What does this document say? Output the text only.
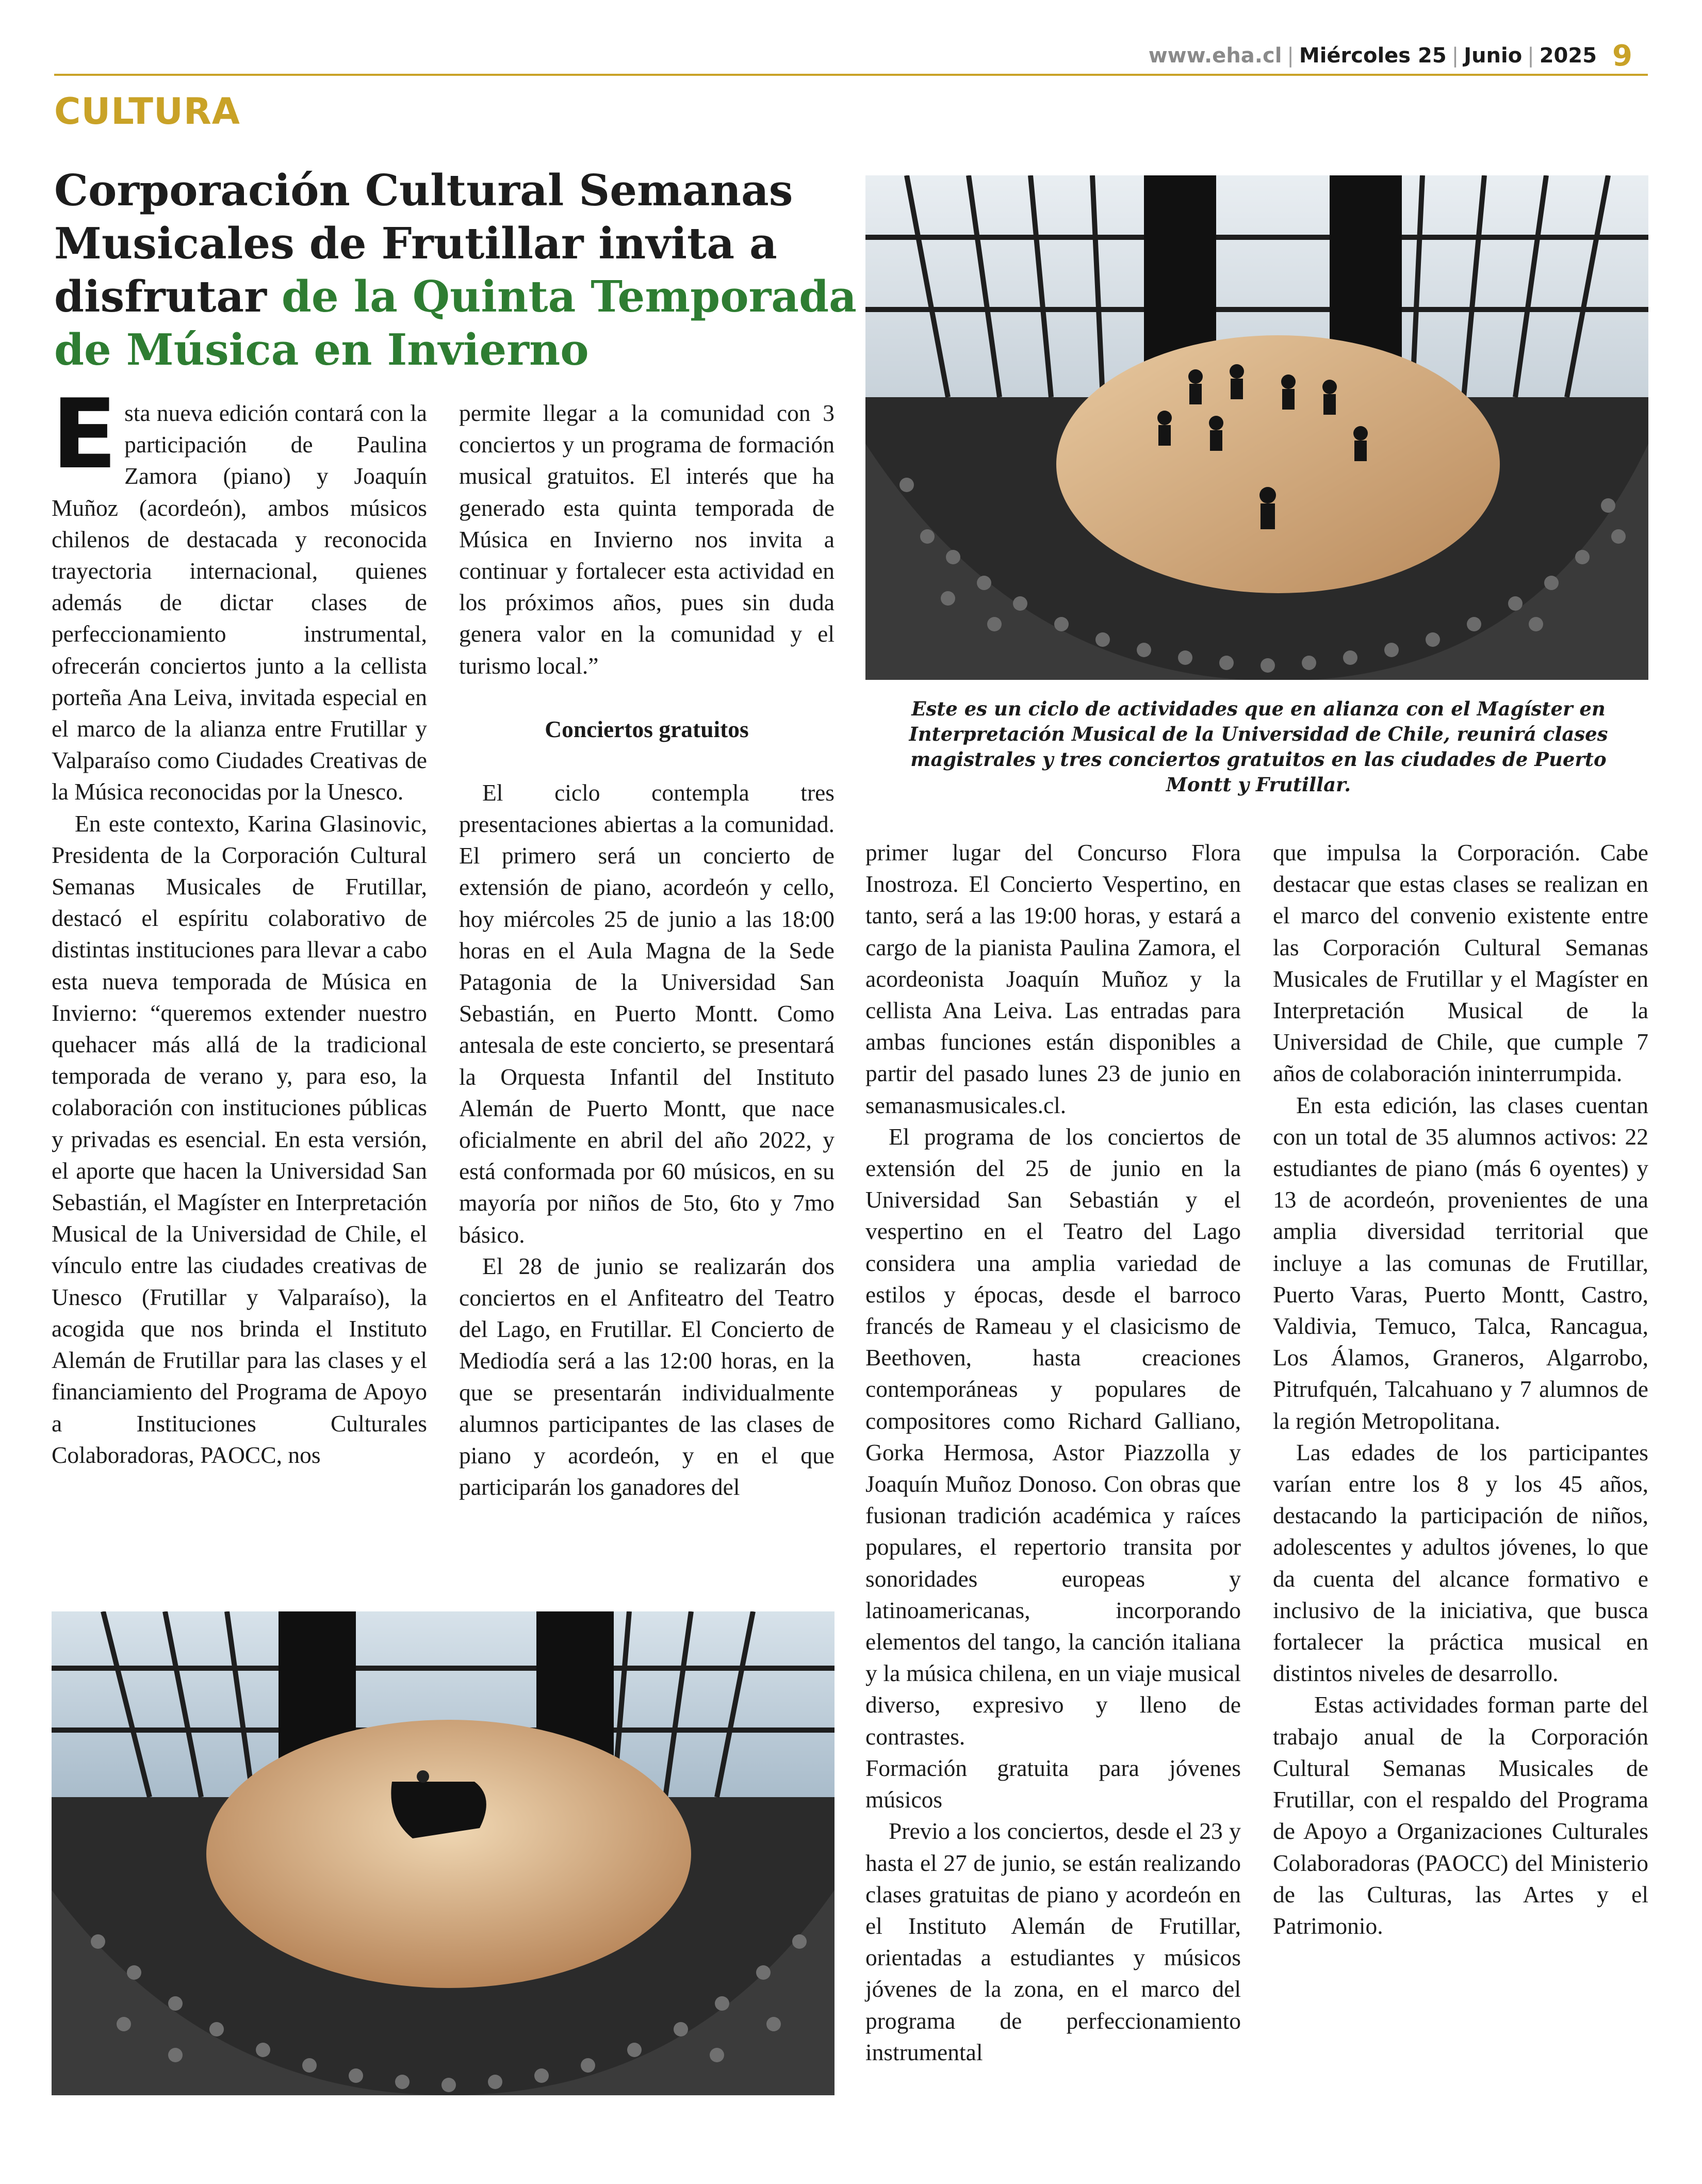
www.eha.cl | Miércoles 25 | Junio | 2025 9
CULTURA
Corporación Cultural Semanas Musicales de Frutillar invita a disfrutar de la Quinta Temporada de Música en Invierno

Este es un ciclo de actividades que en alianza con el Magíster en Interpretación Musical de la Universidad de Chile, reunirá clases magistrales y tres conciertos gratuitos en las ciudades de Puerto Montt y Frutillar.

Esta nueva edición contará con la participación de Paulina Zamora (piano) y Joaquín Muñoz (acordeón), ambos músicos chilenos de destacada y reconocida trayectoria internacional, quienes además de dictar clases de perfeccionamiento instrumental, ofrecerán conciertos junto a la cellista porteña Ana Leiva, invitada especial en el marco de la alianza entre Frutillar y Valparaíso como Ciudades Creativas de la Música reconocidas por la Unesco.

En este contexto, Karina Glasinovic, Presidenta de la Corporación Cultural Semanas Musicales de Frutillar, destacó el espíritu colaborativo de distintas instituciones para llevar a cabo esta nueva temporada de Música en Invierno: “queremos extender nuestro quehacer más allá de la tradicional temporada de verano y, para eso, la colaboración con instituciones públicas y privadas es esencial. En esta versión, el aporte que hacen la Universidad San Sebastián, el Magíster en Interpretación Musical de la Universidad de Chile, el vínculo entre las ciudades creativas de Unesco (Frutillar y Valparaíso), la acogida que nos brinda el Instituto Alemán de Frutillar para las clases y el financiamiento del Programa de Apoyo a Instituciones Culturales Colaboradoras, PAOCC, nos

permite llegar a la comunidad con 3 conciertos y un programa de formación musical gratuitos. El interés que ha generado esta quinta temporada de Música en Invierno nos invita a continuar y fortalecer esta actividad en los próximos años, pues sin duda genera valor en la comunidad y el turismo local.”

Conciertos gratuitos

El ciclo contempla tres presentaciones abiertas a la comunidad. El primero será un concierto de extensión de piano, acordeón y cello, hoy miércoles 25 de junio a las 18:00 horas en el Aula Magna de la Sede Patagonia de la Universidad San Sebastián, en Puerto Montt. Como antesala de este concierto, se presentará la Orquesta Infantil del Instituto Alemán de Puerto Montt, que nace oficialmente en abril del año 2022, y está conformada por 60 músicos, en su mayoría por niños de 5to, 6to y 7mo básico.

El 28 de junio se realizarán dos conciertos en el Anfiteatro del Teatro del Lago, en Frutillar. El Concierto de Mediodía será a las 12:00 horas, en la que se presentarán individualmente alumnos participantes de las clases de piano y acordeón, y en el que participarán los ganadores del

primer lugar del Concurso Flora Inostroza. El Concierto Vespertino, en tanto, será a las 19:00 horas, y estará a cargo de la pianista Paulina Zamora, el acordeonista Joaquín Muñoz y la cellista Ana Leiva. Las entradas para ambas funciones están disponibles a partir del pasado lunes 23 de junio en semanasmusicales.cl.

El programa de los conciertos de extensión del 25 de junio en la Universidad San Sebastián y el vespertino en el Teatro del Lago considera una amplia variedad de estilos y épocas, desde el barroco francés de Rameau y el clasicismo de Beethoven, hasta creaciones contemporáneas y populares de compositores como Richard Galliano, Gorka Hermosa, Astor Piazzolla y Joaquín Muñoz Donoso. Con obras que fusionan tradición académica y raíces populares, el repertorio transita por sonoridades europeas y latinoamericanas, incorporando elementos del tango, la canción italiana y la música chilena, en un viaje musical diverso, expresivo y lleno de contrastes.

Formación gratuita para jóvenes músicos

Previo a los conciertos, desde el 23 y hasta el 27 de junio, se están realizando clases gratuitas de piano y acordeón en el Instituto Alemán de Frutillar, orientadas a estudiantes y músicos jóvenes de la zona, en el marco del programa de perfeccionamiento instrumental

que impulsa la Corporación. Cabe destacar que estas clases se realizan en el marco del convenio existente entre las Corporación Cultural Semanas Musicales de Frutillar y el Magíster en Interpretación Musical de la Universidad de Chile, que cumple 7 años de colaboración ininterrumpida.

En esta edición, las clases cuentan con un total de 35 alumnos activos: 22 estudiantes de piano (más 6 oyentes) y 13 de acordeón, provenientes de una amplia diversidad territorial que incluye a las comunas de Frutillar, Puerto Varas, Puerto Montt, Castro, Valdivia, Temuco, Talca, Rancagua, Los Álamos, Graneros, Algarrobo, Pitrufquén, Talcahuano y 7 alumnos de la región Metropolitana.

Las edades de los participantes varían entre los 8 y los 45 años, destacando la participación de niños, adolescentes y adultos jóvenes, lo que da cuenta del alcance formativo e inclusivo de la iniciativa, que busca fortalecer la práctica musical en distintos niveles de desarrollo.

Estas actividades forman parte del trabajo anual de la Corporación Cultural Semanas Musicales de Frutillar, con el respaldo del Programa de Apoyo a Organizaciones Culturales Colaboradoras (PAOCC) del Ministerio de las Culturas, las Artes y el Patrimonio.
